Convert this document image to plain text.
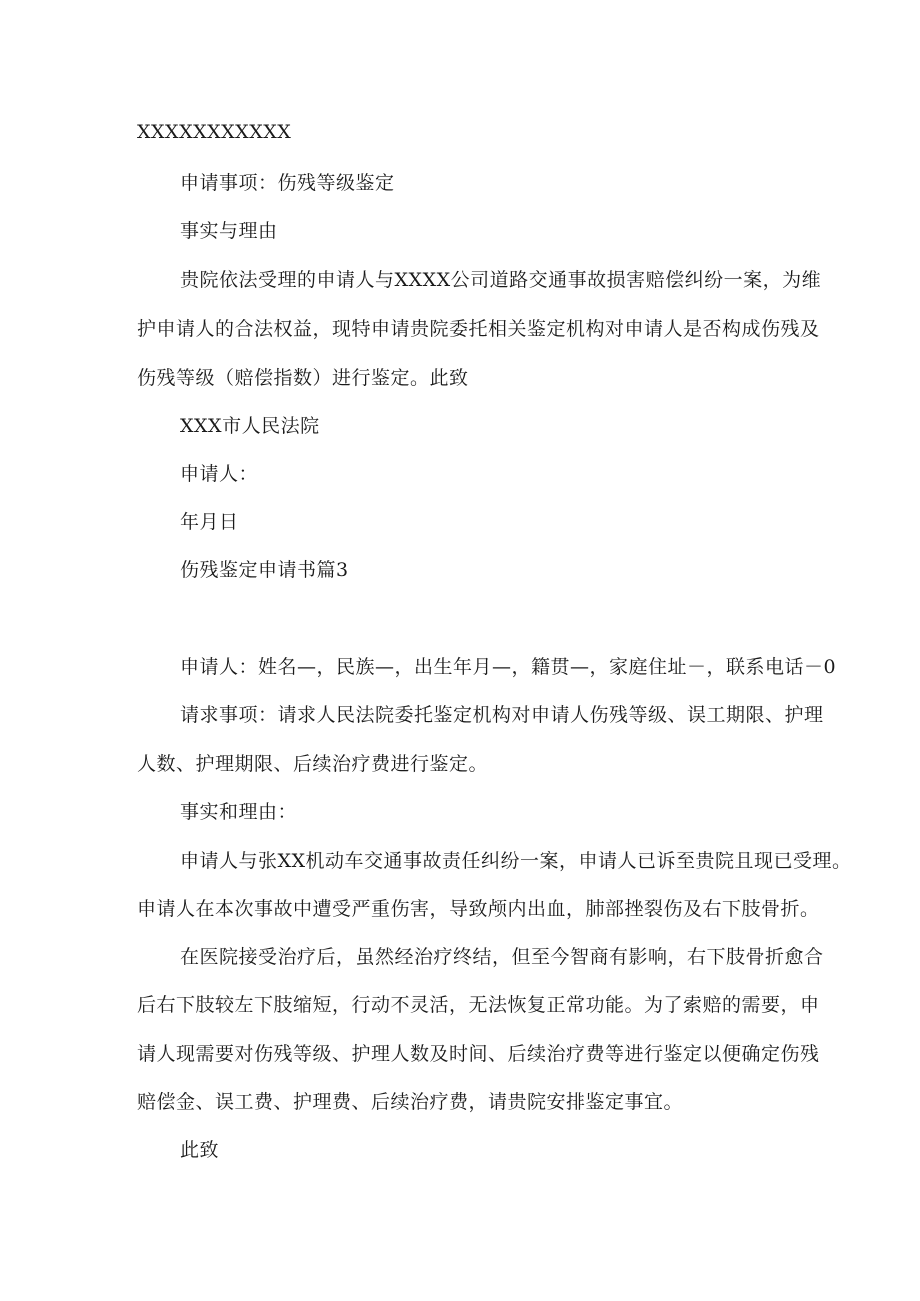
XXXXXXXXXXX
申请事项：伤残等级鉴定
事实与理由
贵院依法受理的申请人与XXXX公司道路交通事故损害赔偿纠纷一案，为维
护申请人的合法权益，现特申请贵院委托相关鉴定机构对申请人是否构成伤残及
伤残等级（赔偿指数）进行鉴定。此致
XXX市人民法院
申请人：
年月日
伤残鉴定申请书篇3
申请人：姓名—，民族—，出生年月—，籍贯—，家庭住址－，联系电话－0
请求事项：请求人民法院委托鉴定机构对申请人伤残等级、误工期限、护理
人数、护理期限、后续治疗费进行鉴定。
事实和理由：
申请人与张XX机动车交通事故责任纠纷一案，申请人已诉至贵院且现已受理。
申请人在本次事故中遭受严重伤害，导致颅内出血，肺部挫裂伤及右下肢骨折。
在医院接受治疗后，虽然经治疗终结，但至今智商有影响，右下肢骨折愈合
后右下肢较左下肢缩短，行动不灵活，无法恢复正常功能。为了索赔的需要，申
请人现需要对伤残等级、护理人数及时间、后续治疗费等进行鉴定以便确定伤残
赔偿金、误工费、护理费、后续治疗费，请贵院安排鉴定事宜。
此致
